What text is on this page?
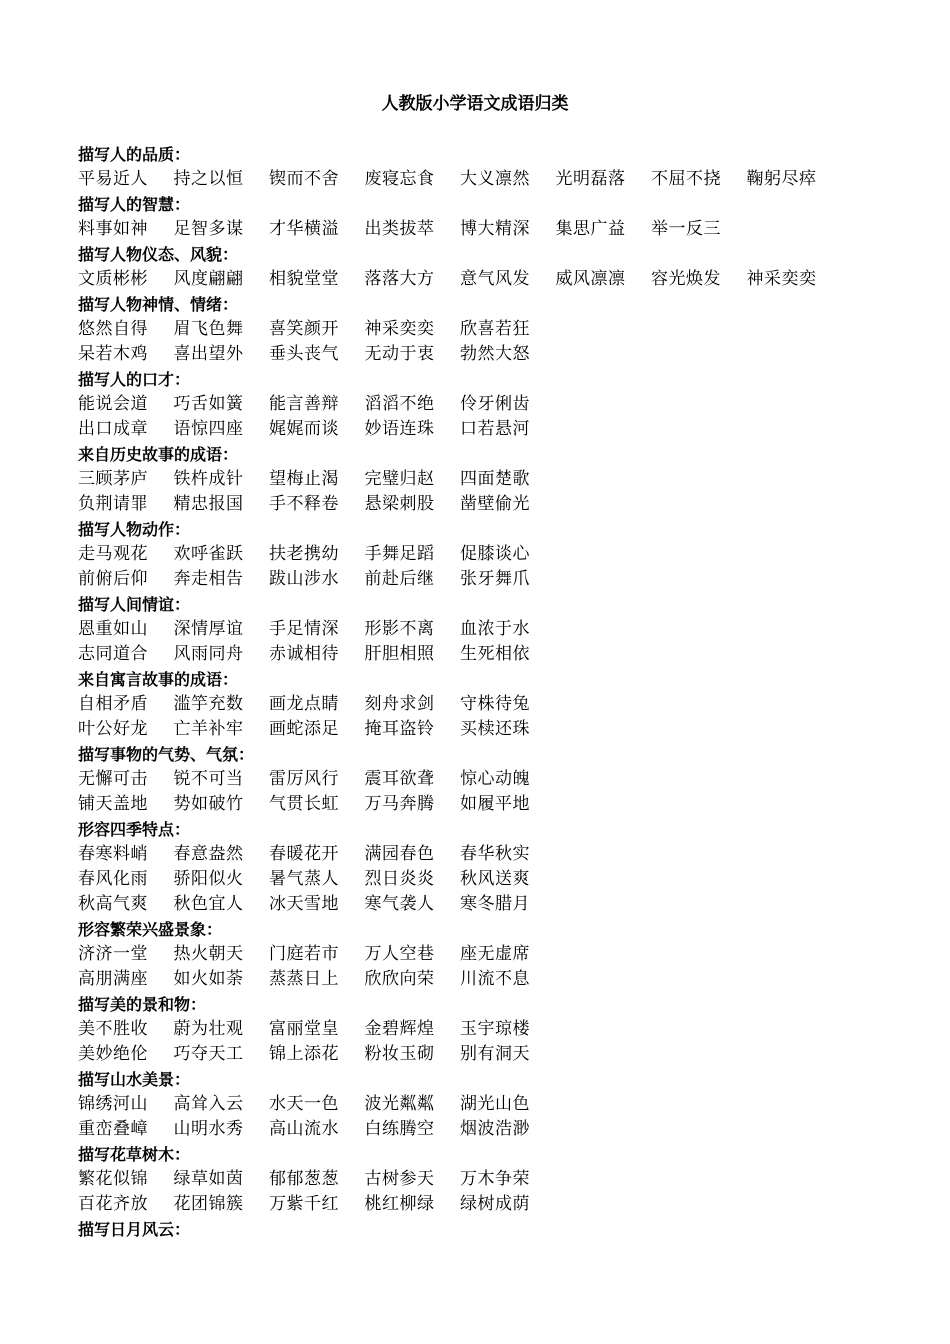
人教版小学语文成语归类
描写人的品质：
平易近人 持之以恒 锲而不舍 废寝忘食 大义凛然 光明磊落 不屈不挠 鞠躬尽瘁
描写人的智慧：
料事如神 足智多谋 才华横溢 出类拔萃 博大精深 集思广益 举一反三
描写人物仪态、风貌：
文质彬彬 风度翩翩 相貌堂堂 落落大方 意气风发 威风凛凛 容光焕发 神采奕奕
描写人物神情、情绪：
悠然自得 眉飞色舞 喜笑颜开 神采奕奕 欣喜若狂
呆若木鸡 喜出望外 垂头丧气 无动于衷 勃然大怒
描写人的口才：
能说会道 巧舌如簧 能言善辩 滔滔不绝 伶牙俐齿
出口成章 语惊四座 娓娓而谈 妙语连珠 口若悬河
来自历史故事的成语：
三顾茅庐 铁杵成针 望梅止渴 完璧归赵 四面楚歌
负荆请罪 精忠报国 手不释卷 悬梁刺股 凿壁偷光
描写人物动作：
走马观花 欢呼雀跃 扶老携幼 手舞足蹈 促膝谈心
前俯后仰 奔走相告 跋山涉水 前赴后继 张牙舞爪
描写人间情谊：
恩重如山 深情厚谊 手足情深 形影不离 血浓于水
志同道合 风雨同舟 赤诚相待 肝胆相照 生死相依
来自寓言故事的成语：
自相矛盾 滥竽充数 画龙点睛 刻舟求剑 守株待兔
叶公好龙 亡羊补牢 画蛇添足 掩耳盗铃 买椟还珠
描写事物的气势、气氛：
无懈可击 锐不可当 雷厉风行 震耳欲聋 惊心动魄
铺天盖地 势如破竹 气贯长虹 万马奔腾 如履平地
形容四季特点：
春寒料峭 春意盎然 春暖花开 满园春色 春华秋实
春风化雨 骄阳似火 暑气蒸人 烈日炎炎 秋风送爽
秋高气爽 秋色宜人 冰天雪地 寒气袭人 寒冬腊月
形容繁荣兴盛景象：
济济一堂 热火朝天 门庭若市 万人空巷 座无虚席
高朋满座 如火如荼 蒸蒸日上 欣欣向荣 川流不息
描写美的景和物：
美不胜收 蔚为壮观 富丽堂皇 金碧辉煌 玉宇琼楼
美妙绝伦 巧夺天工 锦上添花 粉妆玉砌 别有洞天
描写山水美景：
锦绣河山 高耸入云 水天一色 波光粼粼 湖光山色
重峦叠嶂 山明水秀 高山流水 白练腾空 烟波浩渺
描写花草树木：
繁花似锦 绿草如茵 郁郁葱葱 古树参天 万木争荣
百花齐放 花团锦簇 万紫千红 桃红柳绿 绿树成荫
描写日月风云：
